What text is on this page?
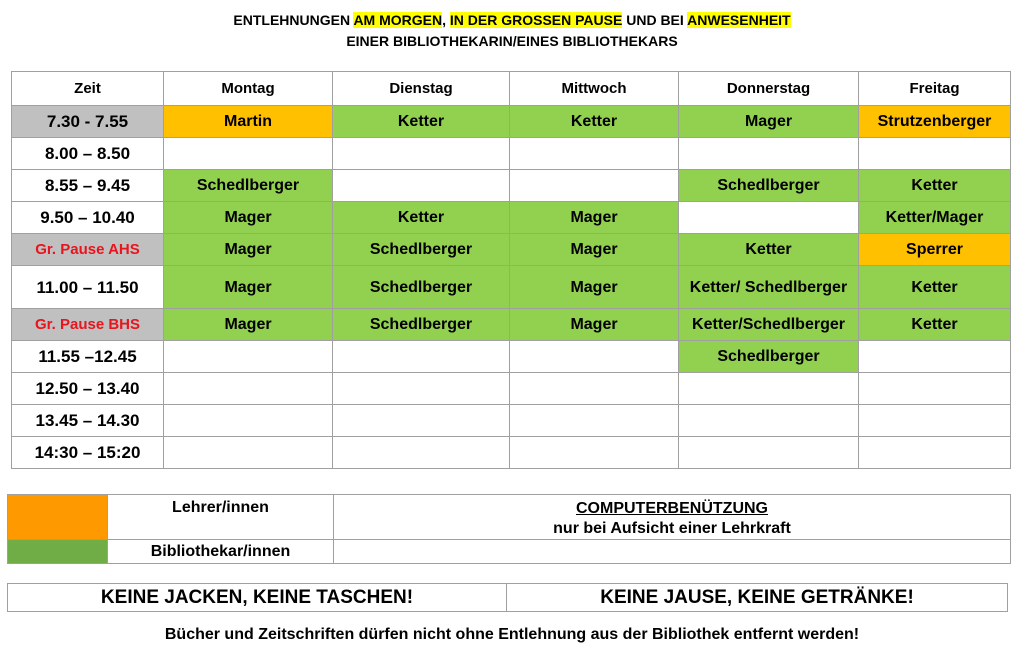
ENTLEHNUNGEN AM MORGEN, IN DER GROSSEN PAUSE UND BEI ANWESENHEIT
EINER BIBLIOTHEKARIN/EINES BIBLIOTHEKARS
Zeit	Montag	Dienstag	Mittwoch	Donnerstag	Freitag
7.30 - 7.55	Martin	Ketter	Ketter	Mager	Strutzenberger
8.00 – 8.50					
8.55 – 9.45	Schedlberger			Schedlberger	Ketter
9.50 – 10.40	Mager	Ketter	Mager		Ketter/Mager
Gr. Pause AHS	Mager	Schedlberger	Mager	Ketter	Sperrer
11.00 – 11.50	Mager	Schedlberger	Mager	Ketter/ Schedlberger	Ketter
Gr. Pause BHS	Mager	Schedlberger	Mager	Ketter/Schedlberger	Ketter
11.55 –12.45				Schedlberger	
12.50 – 13.40					
13.45 – 14.30					
14:30 – 15:20					
	Lehrer/innen	COMPUTERBENÜTZUNG
nur bei Aufsicht einer Lehrkraft

	Bibliothekar/innen	
KEINE JACKEN, KEINE TASCHEN!	KEINE JAUSE, KEINE GETRÄNKE!
Bücher und Zeitschriften dürfen nicht ohne Entlehnung aus der Bibliothek entfernt werden!
